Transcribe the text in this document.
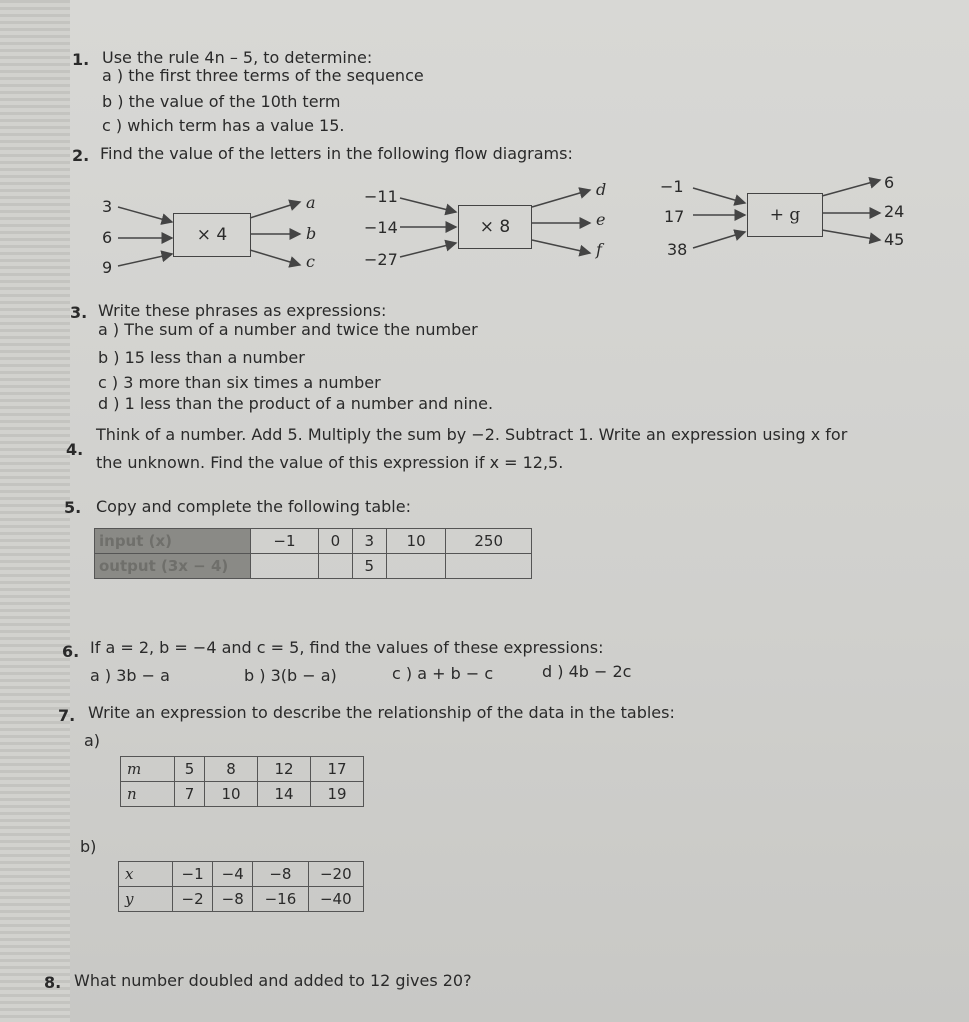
1. Use the rule 4n – 5, to determine:
a ) the first three terms of the sequence
b ) the value of the 10th term
c ) which term has a value 15.
2. Find the value of the letters in the following flow diagrams:
× 4
3
6
9
a
b
c
× 8
−11
−14
−27
d
e
f
+ g
−1
17
38
6
24
45
3. Write these phrases as expressions:
a ) The sum of a number and twice the number
b ) 15 less than a number
c ) 3 more than six times a number
d ) 1 less than the product of a number and nine.
4.
Think of a number. Add 5. Multiply the sum by −2. Subtract 1. Write an expression using x for
the unknown. Find the value of this expression if x = 12,5.
5. Copy and complete the following table:
input (x)	−1	0	3	10	250
output (3x − 4)			5		
6. If a = 2, b = −4 and c = 5, find the values of these expressions:
a ) 3b − a	b ) 3(b − a)	c ) a + b − c	d ) 4b − 2c
7. Write an expression to describe the relationship of the data in the tables:
a)
m	5	8	12	17
n	7	10	14	19
b)
x	−1	−4	−8	−20
y	−2	−8	−16	−40
8. What number doubled and added to 12 gives 20?
